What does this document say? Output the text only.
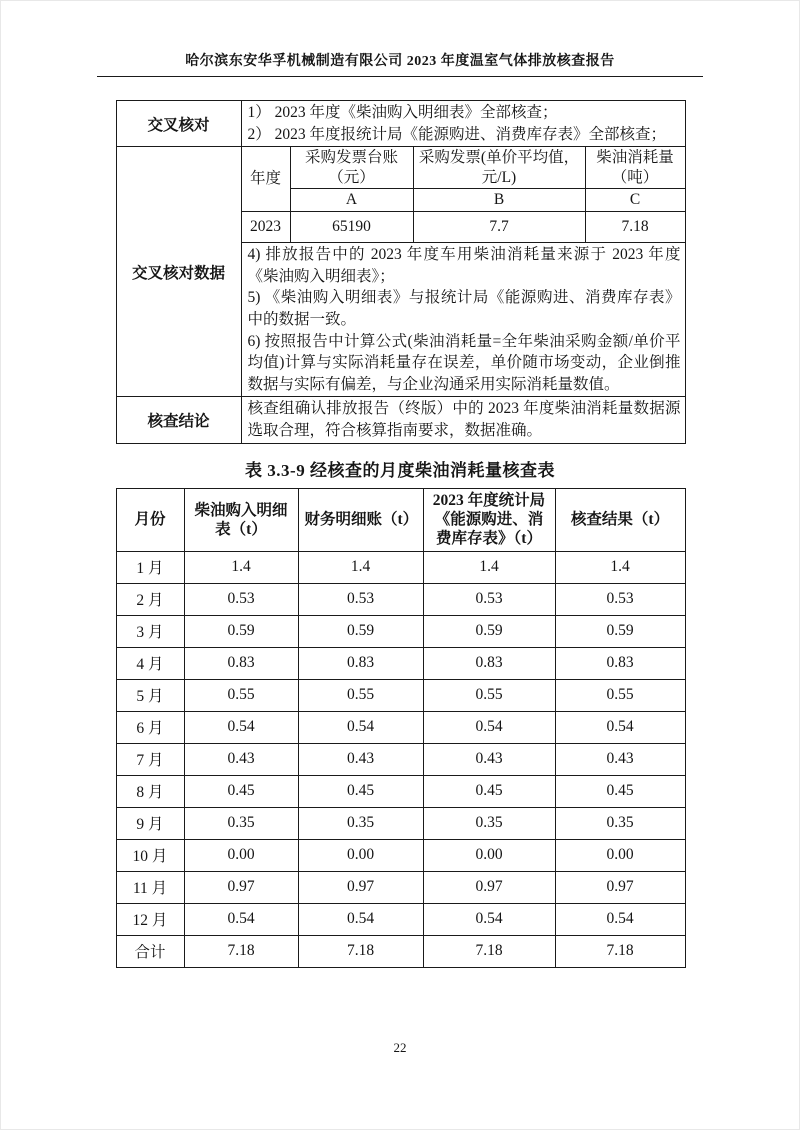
哈尔滨东安华孚机械制造有限公司 2023 年度温室气体排放核查报告
交叉核对	1） 2023 年度《柴油购入明细表》全部核查；

2） 2023 年度报统计局《能源购进、消费库存表》全部核查；			

交叉核对数据	年度	采购发票台账（元）	采购发票(单价平均值，元/L)	柴油消耗量（吨）
		A	B	C
	2023	65190	7.7	7.18

	4) 排放报告中的 2023 年度车用柴油消耗量来源于 2023 年度《柴油购入明细表》；

5) 《柴油购入明细表》与报统计局《能源购进、消费库存表》中的数据一致。

6) 按照报告中计算公式(柴油消耗量=全年柴油采购金额/单价平均值)计算与实际消耗量存在误差，单价随市场变动，企业倒推数据与实际有偏差，与企业沟通采用实际消耗量数值。			

核查结论	核查组确认排放报告（终版）中的 2023 年度柴油消耗量数据源选取合理，符合核算指南要求，数据准确。			

表 3.3-9 经核查的月度柴油消耗量核查表
月份	柴油购入明细表（t）	财务明细账（t）	2023 年度统计局《能源购进、消费库存表》（t）	核查结果（t）
1 月	1.4	1.4	1.4	1.4
2 月	0.53	0.53	0.53	0.53
3 月	0.59	0.59	0.59	0.59
4 月	0.83	0.83	0.83	0.83
5 月	0.55	0.55	0.55	0.55
6 月	0.54	0.54	0.54	0.54
7 月	0.43	0.43	0.43	0.43
8 月	0.45	0.45	0.45	0.45
9 月	0.35	0.35	0.35	0.35
10 月	0.00	0.00	0.00	0.00
11 月	0.97	0.97	0.97	0.97
12 月	0.54	0.54	0.54	0.54
合计	7.18	7.18	7.18	7.18
22
